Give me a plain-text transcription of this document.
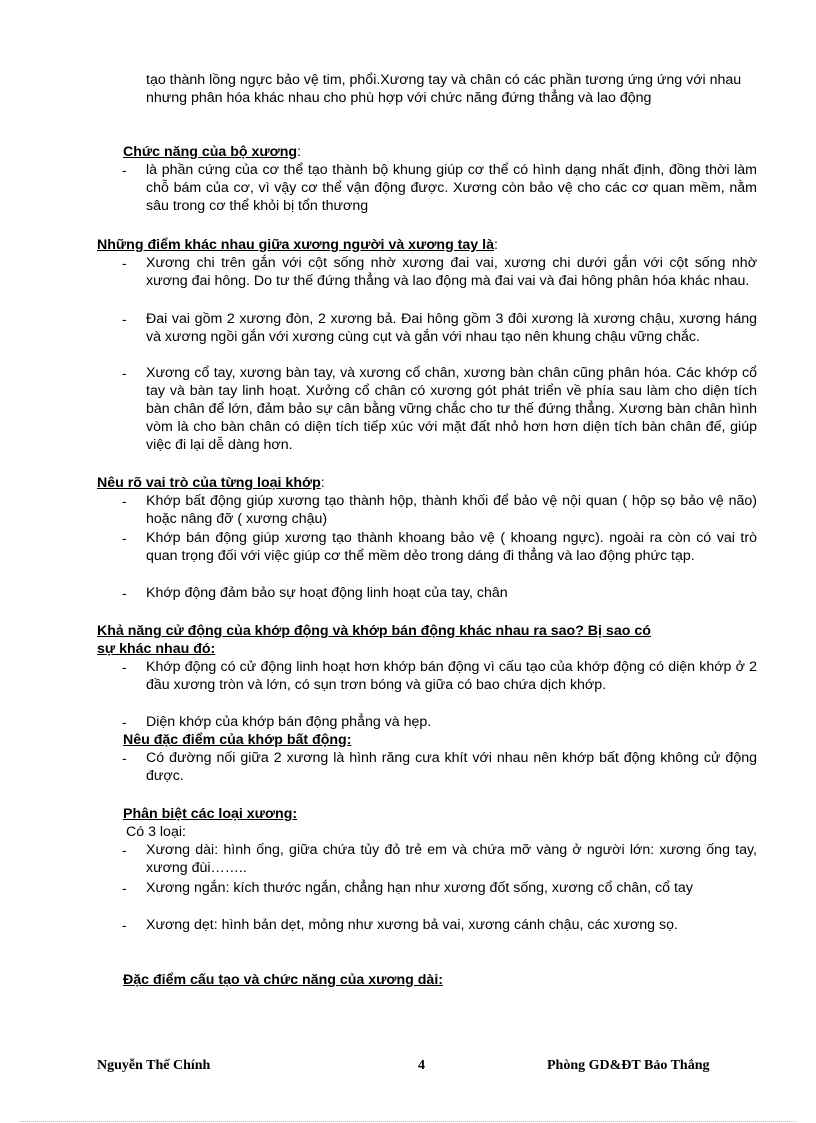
tạo thành lồng ngực bảo vệ tim, phổi.Xương tay và chân có các phần tương ứng ứng với nhau nhưng phân hóa khác nhau cho phù hợp với chức năng đứng thẳng và lao động

Chức năng của bộ xương:

- là phần cứng của cơ thể tạo thành bộ khung giúp cơ thể có hình dạng nhất định, đồng thời làm chỗ bám của cơ, vì vậy cơ thể vận động được. Xương còn bảo vệ cho các cơ quan mềm, nằm sâu trong cơ thể khỏi bị tổn thương

Những điểm khác nhau giữa xương người và xương tay là:

- Xương chi trên gắn với cột sống nhờ xương đai vai, xương chi dưới gắn với cột sống nhờ xương đai hông. Do tư thế đứng thẳng và lao động mà đai vai và đai hông phân hóa khác nhau.

- Đai vai gồm 2 xương đòn, 2 xương bả. Đai hông gồm 3 đôi xương là xương chậu, xương háng và xương ngồi gắn với xương cùng cụt và gắn với nhau tạo nên khung chậu vững chắc.

- Xương cổ tay, xương bàn tay, và xương cổ chân, xương bàn chân cũng phân hóa. Các khớp cổ tay và bàn tay linh hoạt. Xưởng cổ chân có xương gót phát triển về phía sau làm cho diện tích bàn chân để lớn, đảm bảo sự cân bằng vững chắc cho tư thế đứng thẳng. Xương bàn chân hình vòm là cho bàn chân có diện tích tiếp xúc với mặt đất nhỏ hơn hơn diện tích bàn chân đế, giúp việc đi lại dễ dàng hơn.

Nêu rõ vai trò của từng loại khớp:

- Khớp bất động giúp xương tạo thành hộp, thành khối để bảo vệ nội quan ( hộp sọ bảo vệ não) hoặc nâng đỡ ( xương chậu)

- Khớp bán động giúp xương tạo thành khoang bảo vệ ( khoang ngực). ngoài ra còn có vai trò quan trọng đối với việc giúp cơ thể mềm dẻo trong dáng đi thẳng và lao động phức tạp.

- Khớp động đảm bảo sự hoạt động linh hoạt của tay, chân

Khả năng cử động của khớp động và khớp bán động khác nhau ra sao? Bị sao có
sự khác nhau đó:

- Khớp động có cử động linh hoạt hơn khớp bán động vì cấu tạo của khớp động có diện khớp ở 2 đầu xương tròn và lớn, có sụn trơn bóng và giữa có bao chứa dịch khớp.

- Diện khớp của khớp bán động phẳng và hẹp.

Nêu đặc điểm của khớp bất động:

- Có đường nối giữa 2 xương là hình răng cưa khít với nhau nên khớp bất động không cử động được.

Phân biệt các loại xương:

Có 3 loại:

- Xương dài: hình ống, giữa chứa tủy đỏ trẻ em và chứa mỡ vàng ở người lớn: xương ống tay, xương đùi……..

- Xương ngắn: kích thước ngắn, chẳng hạn như xương đốt sống, xương cổ chân, cổ tay

- Xương dẹt: hình bản dẹt, mỏng như xương bả vai, xương cánh chậu, các xương sọ.

Đặc điểm cấu tạo và chức năng của xương dài:

Nguyễn Thế Chính	4	Phòng GD&ĐT Bảo Thắng
